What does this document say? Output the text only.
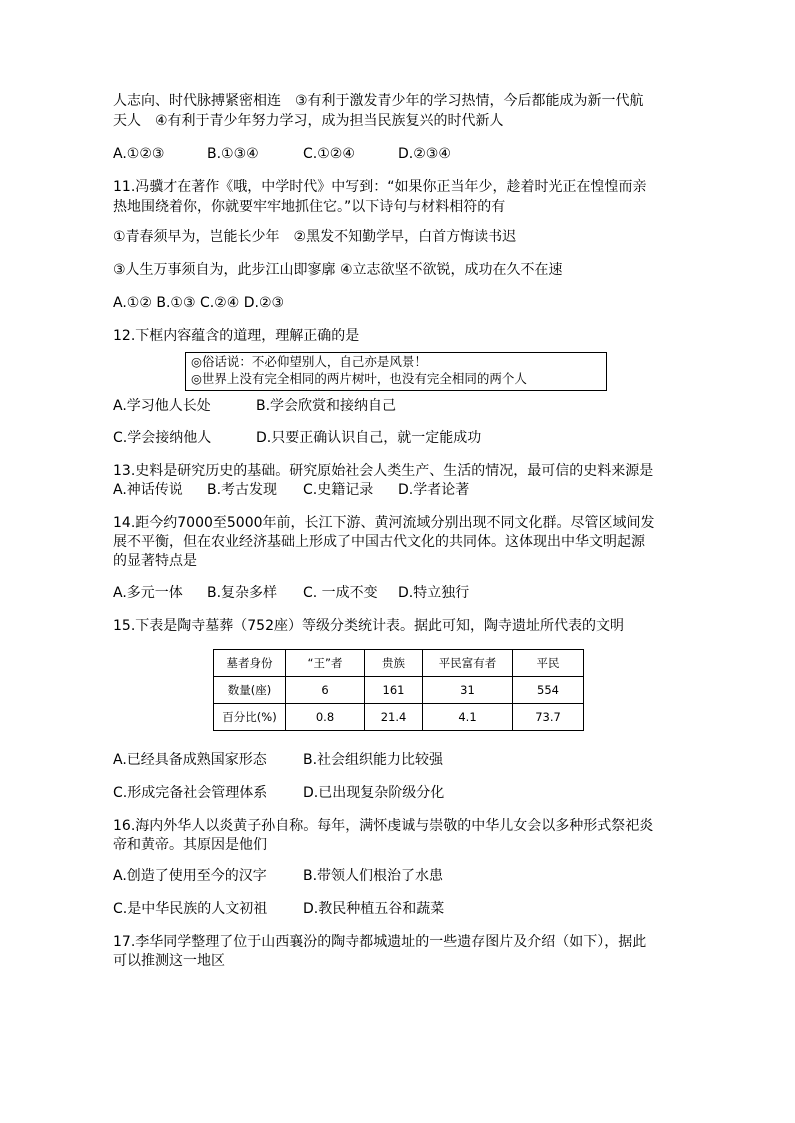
人志向、时代脉搏紧密相连　③有利于激发青少年的学习热情，今后都能成为新一代航
天人　④有利于青少年努力学习，成为担当民族复兴的时代新人
A.①②③	B.①③④	C.①②④	D.②③④
11.冯骥才在著作《哦，中学时代》中写到：“如果你正当年少，趁着时光正在惶惶而亲
热地围绕着你，你就要牢牢地抓住它。”以下诗句与材料相符的有
①青春须早为，岂能长少年　②黑发不知勤学早，白首方悔读书迟
③人生万事须自为，此步江山即寥廓 ④立志欲坚不欲锐，成功在久不在速
A.①② B.①③ C.②④ D.②③
12.下框内容蕴含的道理，理解正确的是
◎俗话说：不必仰望别人，自己亦是风景！
◎世界上没有完全相同的两片树叶，也没有完全相同的两个人
A.学习他人长处	B.学会欣赏和接纳自己
C.学会接纳他人	D.只要正确认识自己，就一定能成功
13.史料是研究历史的基础。研究原始社会人类生产、生活的情况，最可信的史料来源是
A.神话传说 B.考古发现 C.史籍记录 D.学者论著
14.距今约7000至5000年前，长江下游、黄河流域分别出现不同文化群。尽管区域间发
展不平衡，但在农业经济基础上形成了中国古代文化的共同体。这体现出中华文明起源
的显著特点是
A.多元一体 B.复杂多样 C. 一成不变 D.特立独行
15.下表是陶寺墓葬（752座）等级分类统计表。据此可知，陶寺遗址所代表的文明
墓者身份	“王”者	贵族	平民富有者	平民
数量(座)	6	161	31	554
百分比(%)	0.8	21.4	4.1	73.7
A.已经具备成熟国家形态	B.社会组织能力比较强
C.形成完备社会管理体系	D.已出现复杂阶级分化
16.海内外华人以炎黄子孙自称。每年，满怀虔诚与崇敬的中华儿女会以多种形式祭祀炎
帝和黄帝。其原因是他们
A.创造了使用至今的汉字	B.带领人们根治了水患
C.是中华民族的人文初祖	D.教民种植五谷和蔬菜
17.李华同学整理了位于山西襄汾的陶寺都城遗址的一些遗存图片及介绍（如下），据此
可以推测这一地区
